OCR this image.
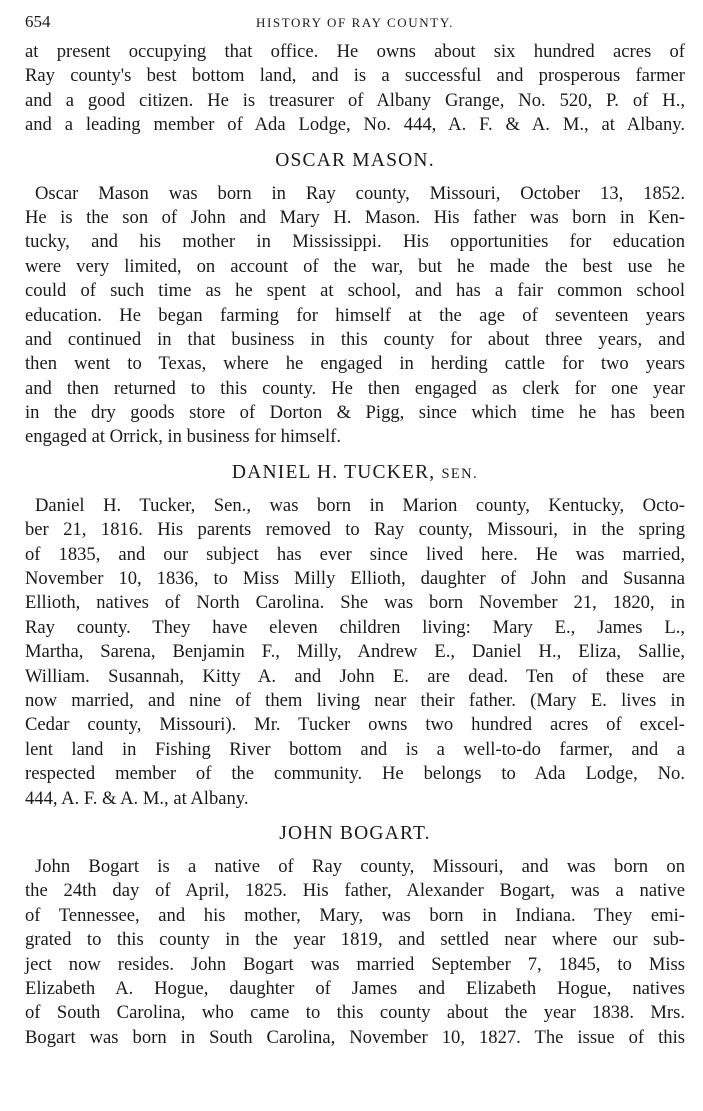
654	HISTORY OF RAY COUNTY.
at present occupying that office. He owns about six hundred acres of
Ray county's best bottom land, and is a successful and prosperous farmer
and a good citizen. He is treasurer of Albany Grange, No. 520, P. of H.,
and a leading member of Ada Lodge, No. 444, A. F. & A. M., at Albany.
OSCAR MASON.
Oscar Mason was born in Ray county, Missouri, October 13, 1852.
He is the son of John and Mary H. Mason. His father was born in Ken-
tucky, and his mother in Mississippi. His opportunities for education
were very limited, on account of the war, but he made the best use he
could of such time as he spent at school, and has a fair common school
education. He began farming for himself at the age of seventeen years
and continued in that business in this county for about three years, and
then went to Texas, where he engaged in herding cattle for two years
and then returned to this county. He then engaged as clerk for one year
in the dry goods store of Dorton & Pigg, since which time he has been
engaged at Orrick, in business for himself.
DANIEL H. TUCKER, SEN.
Daniel H. Tucker, Sen., was born in Marion county, Kentucky, Octo-
ber 21, 1816. His parents removed to Ray county, Missouri, in the spring
of 1835, and our subject has ever since lived here. He was married,
November 10, 1836, to Miss Milly Ellioth, daughter of John and Susanna
Ellioth, natives of North Carolina. She was born November 21, 1820, in
Ray county. They have eleven children living: Mary E., James L.,
Martha, Sarena, Benjamin F., Milly, Andrew E., Daniel H., Eliza, Sallie,
William. Susannah, Kitty A. and John E. are dead. Ten of these are
now married, and nine of them living near their father. (Mary E. lives in
Cedar county, Missouri). Mr. Tucker owns two hundred acres of excel-
lent land in Fishing River bottom and is a well-to-do farmer, and a
respected member of the community. He belongs to Ada Lodge, No.
444, A. F. & A. M., at Albany.
JOHN BOGART.
John Bogart is a native of Ray county, Missouri, and was born on
the 24th day of April, 1825. His father, Alexander Bogart, was a native
of Tennessee, and his mother, Mary, was born in Indiana. They emi-
grated to this county in the year 1819, and settled near where our sub-
ject now resides. John Bogart was married September 7, 1845, to Miss
Elizabeth A. Hogue, daughter of James and Elizabeth Hogue, natives
of South Carolina, who came to this county about the year 1838. Mrs.
Bogart was born in South Carolina, November 10, 1827. The issue of this
